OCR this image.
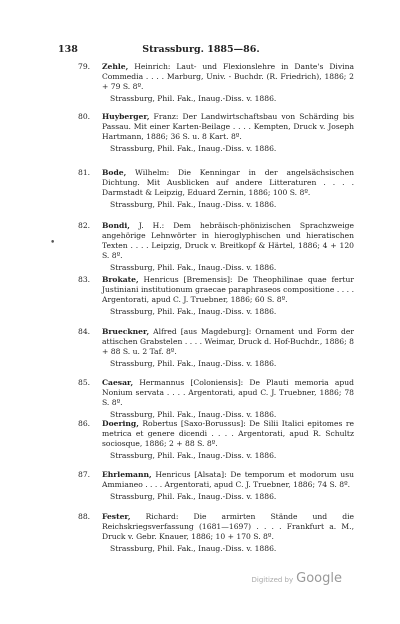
138	Strassburg. 1885—86.
79. Zehle, Heinrich: Laut- und Flexionslehre in Dante's Divina Commedia . . . . Marburg, Univ. - Buchdr. (R. Friedrich), 1886; 2 + 79 S. 8º.
Strassburg, Phil. Fak., Inaug.-Diss. v. 1886.
80. Huyberger, Franz: Der Landwirtschaftsbau von Schärding bis Passau. Mit einer Karten-Beilage . . . . Kempten, Druck v. Joseph Hartmann, 1886; 36 S. u. 8 Kart. 8º.
Strassburg, Phil. Fak., Inaug.-Diss. v. 1886.
81. Bode, Wilhelm: Die Kenningar in der angelsächsischen Dichtung. Mit Ausblicken auf andere Litteraturen . . . . Darmstadt & Leipzig, Eduard Zernin, 1886; 100 S. 8º.
Strassburg, Phil. Fak., Inaug.-Diss. v. 1886.
82. Bondi, J. H.: Dem hebräisch-phönizischen Sprachzweige angehörige Lehnwörter in hieroglyphischen und hieratischen Texten . . . . Leipzig, Druck v. Breitkopf & Härtel, 1886; 4 + 120 S. 8º.
Strassburg, Phil. Fak., Inaug.-Diss. v. 1886.
83. Brokate, Henricus [Bremensis]: De Theophilinae quae fertur Justiniani institutionum graecae paraphraseos compositione . . . . Argentorati, apud C. J. Truebner, 1886; 60 S. 8º.
Strassburg, Phil. Fak., Inaug.-Diss. v. 1886.
84. Brueckner, Alfred [aus Magdeburg]: Ornament und Form der attischen Grabstelen . . . . Weimar, Druck d. Hof-Buchdr., 1886; 8 + 88 S. u. 2 Taf. 8º.
Strassburg, Phil. Fak., Inaug.-Diss. v. 1886.
85. Caesar, Hermannus [Coloniensis]: De Plauti memoria apud Nonium servata . . . . Argentorati, apud C. J. Truebner, 1886; 78 S. 8º.
Strassburg, Phil. Fak., Inaug.-Diss. v. 1886.
86. Doering, Robertus [Saxo-Borussus]: De Silii Italici epitomes re metrica et genere dicendi . . . . Argentorati, apud R. Schultz sociosque, 1886; 2 + 88 S. 8º.
Strassburg, Phil. Fak., Inaug.-Diss. v. 1886.
87. Ehrlemann, Henricus [Alsata]: De temporum et modorum usu Ammianeo . . . . Argentorati, apud C. J. Truebner, 1886; 74 S. 8º.
Strassburg, Phil. Fak., Inaug.-Diss. v. 1886.
88. Fester, Richard: Die armirten Stände und die Reichskriegsverfassung (1681—1697) . . . . Frankfurt a. M., Druck v. Gebr. Knauer, 1886; 10 + 170 S. 8º.
Strassburg, Phil. Fak., Inaug.-Diss. v. 1886.
•
Digitized by Google
